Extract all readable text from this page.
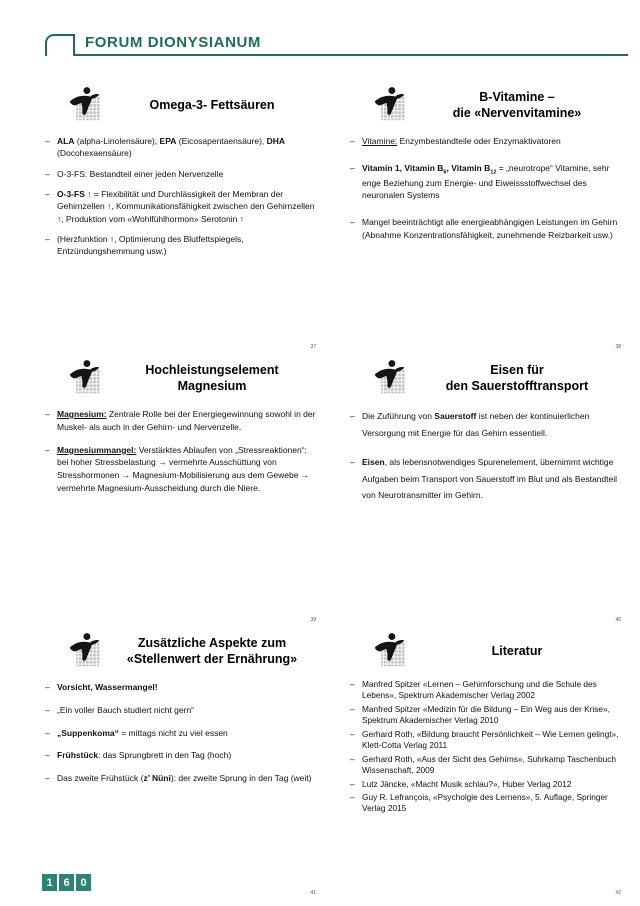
FORUM DIONYSIANUM
Omega-3- Fettsäuren
– ALA (alpha-Linolensäure), EPA (Eicosapentaensäure), DHA (Docohexaensäure)
– O-3-FS: Bestandteil einer jeden Nervenzelle
– O-3-FS ↑ = Flexibilität und Durchlässigkeit der Membran der Gehirnzellen ↑, Kommunikationsfähigkeit zwischen den Gehirnzellen ↑, Produktion vom «Wohlfühlhormon» Serotonin ↑
– (Herzfunktion ↑, Optimierung des Blutfettspiegels, Entzündungshemmung usw.)
37
B-Vitamine –
die «Nervenvitamine»
– Vitamine: Enzymbestandteile oder Enzymaktivatoren
– Vitamin 1, Vitamin $B_6$, Vitamin $B_{12}$ = „neurotrope“ Vitamine, sehr enge Beziehung zum Energie- und Eiweissstoffwechsel des neuronalen Systems
– Mangel beeinträchtigt alle energieabhängigen Leistungen im Gehirn (Abnahme Konzentrationsfähigkeit, zunehmende Reizbarkeit usw.)
38
Hochleistungselement
Magnesium
– Magnesium: Zentrale Rolle bei der Energiegewinnung sowohl in der Muskel- als auch in der Gehirn- und Nervenzelle.
– Magnesiummangel: Verstärktes Ablaufen von „Stressreaktionen“: bei hoher Stressbelastung → vermehrte Ausschüttung von Stresshormonen → Magnesium-Mobilisierung aus dem Gewebe → vermehrte Magnesium-Ausscheidung durch die Niere.
39
Eisen für
den Sauerstofftransport
– Die Zuführung von Sauerstoff ist neben der kontinuierlichen Versorgung mit Energie für das Gehirn essentiell.
– Eisen, als lebensnotwendiges Spurenelement, übernimmt wichtige Aufgaben beim Transport von Sauerstoff im Blut und als Bestandteil von Neurotransmitter im Gehirn.
40
Zusätzliche Aspekte zum
«Stellenwert der Ernährung»
– Vorsicht, Wassermangel!
– „Ein voller Bauch studiert nicht gern“
– „Suppenkoma“ = mittags nicht zu viel essen
– Frühstück: das Sprungbrett in den Tag (hoch)
– Das zweite Frühstück (z’ Nüni): der zweite Sprung in den Tag (weit)
41
Literatur
– Manfred Spitzer «Lernen – Gehirnforschung und die Schule des Lebens», Spektrum Akademischer Verlag 2002
– Manfred Spitzer «Medizin für die Bildung – Ein Weg aus der Krise», Spektrum Akademischer Verlag 2010
– Gerhard Roth, «Bildung braucht Persönlichkeit – Wie Lernen gelingt», Klett-Cotta Verlag 2011
– Gerhard Roth, «Aus der Sicht des Gehirns», Suhrkamp Taschenbuch Wissenschaft, 2009
– Lutz Jäncke, «Macht Musik schlau?», Huber Verlag 2012
– Guy R. Lefrançois, «Psycholgie des Lernens», 5. Auflage, Springer Verlag 2015
42
1 6 0
